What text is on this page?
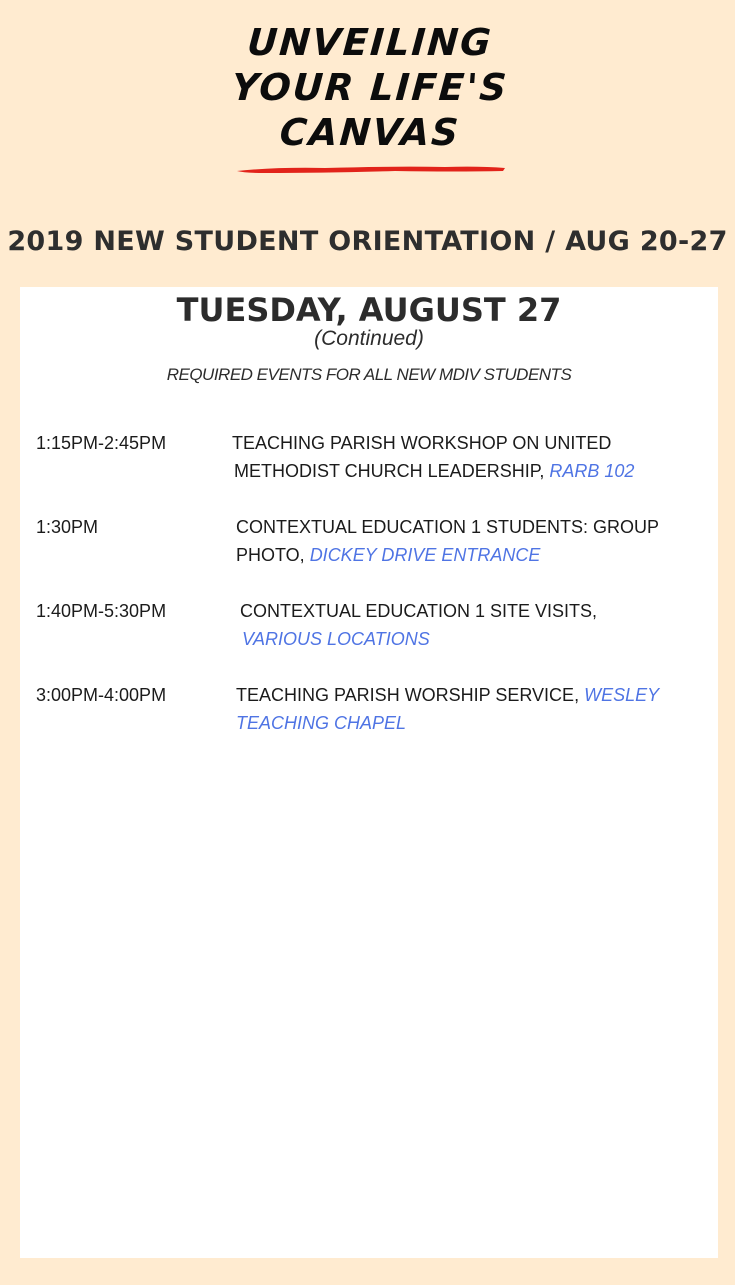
UNVEILING
YOUR LIFE'S
CANVAS
2019 NEW STUDENT ORIENTATION / AUG 20-27
TUESDAY, AUGUST 27
(Continued)
REQUIRED EVENTS FOR ALL NEW MDIV STUDENTS
1:15PM-2:45PM	TEACHING PARISH WORKSHOP ON UNITED METHODIST CHURCH LEADERSHIP, RARB 102
1:30PM	CONTEXTUAL EDUCATION 1 STUDENTS: GROUP PHOTO, DICKEY DRIVE ENTRANCE
1:40PM-5:30PM	CONTEXTUAL EDUCATION 1 SITE VISITS,
VARIOUS LOCATIONS
3:00PM-4:00PM	TEACHING PARISH WORSHIP SERVICE, WESLEY TEACHING CHAPEL
